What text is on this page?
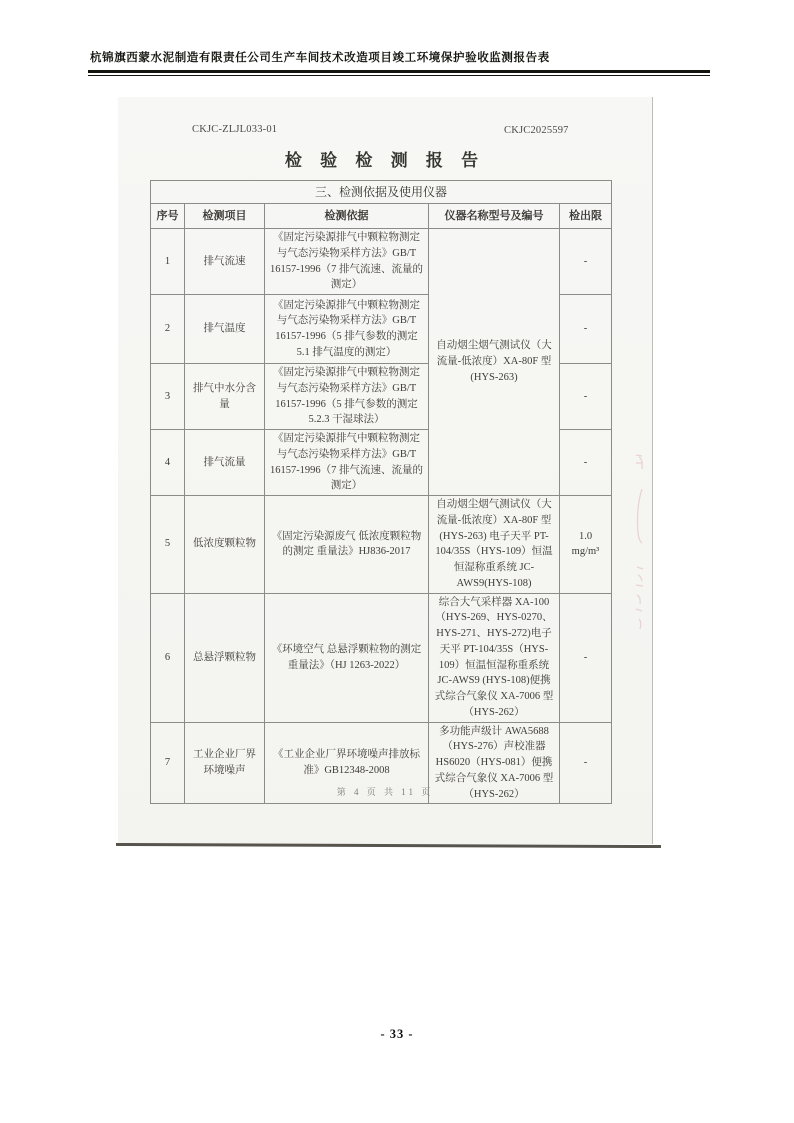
杭锦旗西蒙水泥制造有限责任公司生产车间技术改造项目竣工环境保护验收监测报告表
CKJC-ZLJL033-01	CKJC2025597
检 验 检 测 报 告
三、检测依据及使用仪器				
序号	检测项目	检测依据	仪器名称型号及编号	检出限
1	排气流速	《固定污染源排气中颗粒物测定与气态污染物采样方法》GB/T 16157-1996（7 排气流速、流量的测定）	自动烟尘烟气测试仪（大流量-低浓度）XA-80F 型 (HYS-263)	-
2	排气温度	《固定污染源排气中颗粒物测定与气态污染物采样方法》GB/T 16157-1996（5 排气参数的测定 5.1 排气温度的测定）		-
3	排气中水分含量	《固定污染源排气中颗粒物测定与气态污染物采样方法》GB/T 16157-1996（5 排气参数的测定 5.2.3 干湿球法）		-
4	排气流量	《固定污染源排气中颗粒物测定与气态污染物采样方法》GB/T 16157-1996（7 排气流速、流量的测定）		-
5	低浓度颗粒物	《固定污染源废气 低浓度颗粒物的测定 重量法》HJ836-2017	自动烟尘烟气测试仪（大流量-低浓度）XA-80F 型 (HYS-263) 电子天平 PT-104/35S（HYS-109）恒温恒湿称重系统 JC-AWS9(HYS-108)	1.0 mg/m³
6	总悬浮颗粒物	《环境空气 总悬浮颗粒物的测定 重量法》（HJ 1263-2022）	综合大气采样器 XA-100（HYS-269、HYS-0270、HYS-271、HYS-272)电子天平 PT-104/35S（HYS-109）恒温恒湿称重系统 JC-AWS9 (HYS-108)便携式综合气象仪 XA-7006 型（HYS-262）	-
7	工业企业厂界环境噪声	《工业企业厂界环境噪声排放标准》GB12348-2008	多功能声级计 AWA5688（HYS-276）声校准器 HS6020（HYS-081）便携式综合气象仪 XA-7006 型（HYS-262）	-
第 4 页 共 11 页
- 33 -
